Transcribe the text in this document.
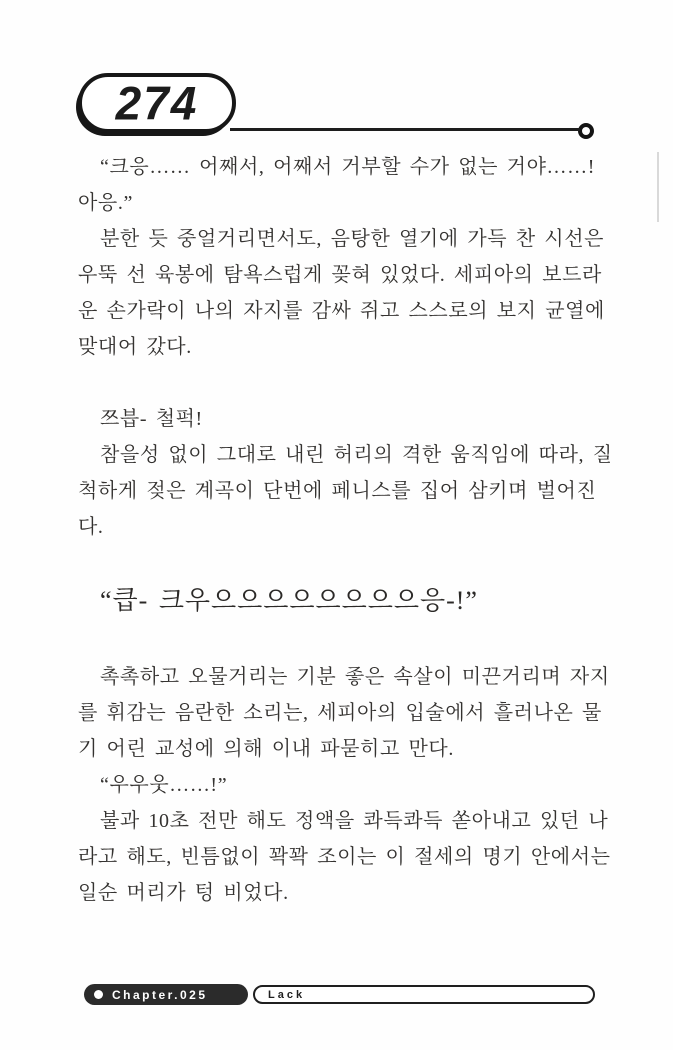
274
“크응…… 어째서, 어째서 거부할 수가 없는 거야……!
아응.”
분한 듯 중얼거리면서도, 음탕한 열기에 가득 찬 시선은
우뚝 선 육봉에 탐욕스럽게 꽂혀 있었다. 세피아의 보드라
운 손가락이 나의 자지를 감싸 쥐고 스스로의 보지 균열에
맞대어 갔다.
쯔븝- 철퍽!
참을성 없이 그대로 내린 허리의 격한 움직임에 따라, 질
척하게 젖은 계곡이 단번에 페니스를 집어 삼키며 벌어진
다.
“큽- 크우으으으으으으으으응-!”
촉촉하고 오물거리는 기분 좋은 속살이 미끈거리며 자지
를 휘감는 음란한 소리는, 세피아의 입술에서 흘러나온 물
기 어린 교성에 의해 이내 파묻히고 만다.
“우우웃……!”
불과 10초 전만 해도 정액을 콰득콰득 쏟아내고 있던 나
라고 해도, 빈틈없이 꽉꽉 조이는 이 절세의 명기 안에서는
일순 머리가 텅 비었다.
Chapter.025	Lack
